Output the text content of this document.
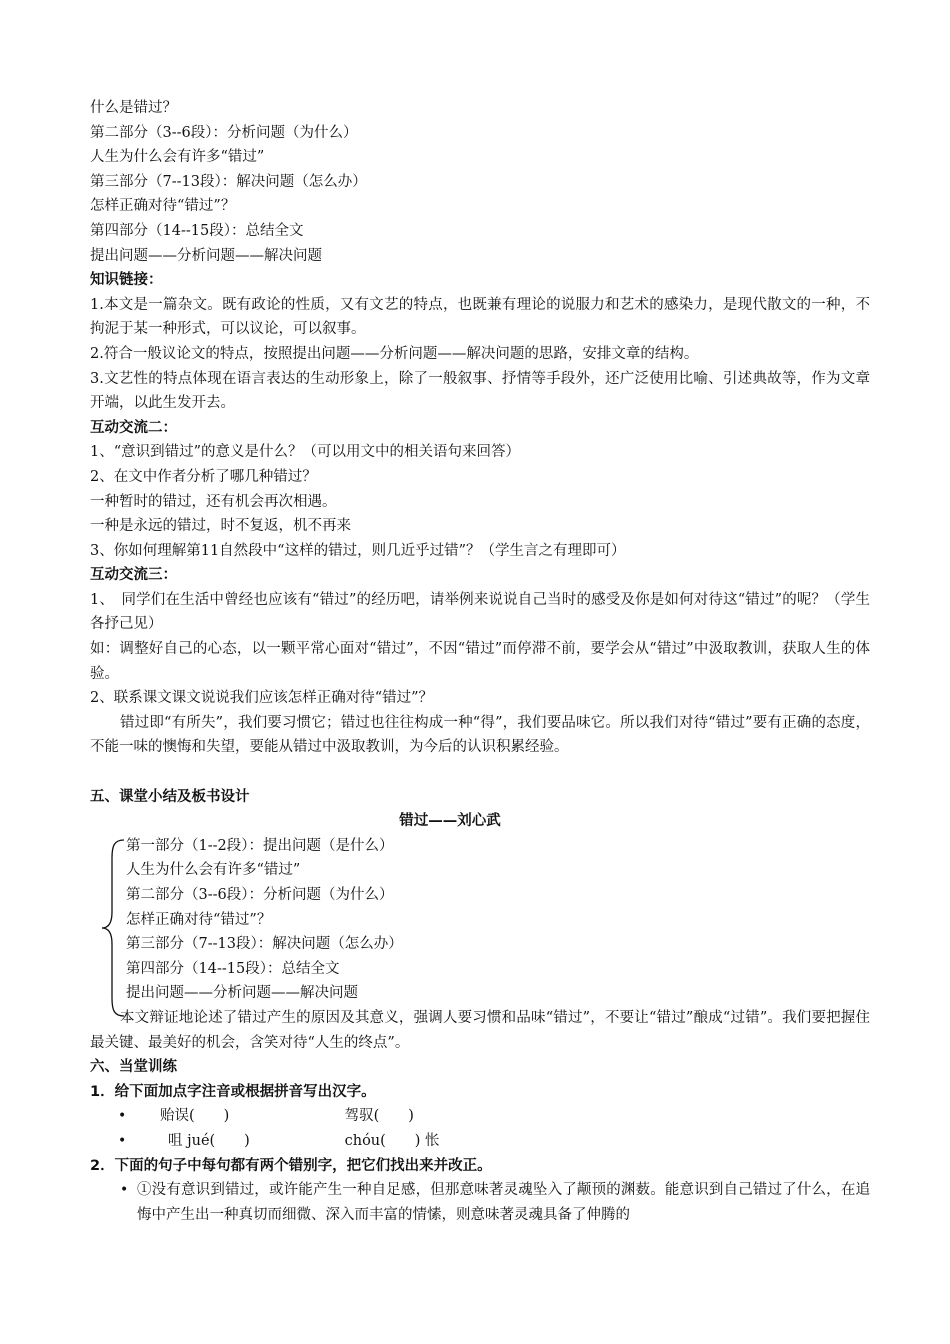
什么是错过？
第二部分（3--6段）：分析问题（为什么）
人生为什么会有许多“错过”
第三部分（7--13段）：解决问题（怎么办）
怎样正确对待“错过”？
第四部分（14--15段）：总结全文
提出问题——分析问题——解决问题
知识链接：
1.本文是一篇杂文。既有政论的性质，又有文艺的特点，也既兼有理论的说服力和艺术的感染力，是现代散文的一种，不拘泥于某一种形式，可以议论，可以叙事。
2.符合一般议论文的特点，按照提出问题——分析问题——解决问题的思路，安排文章的结构。
3.文艺性的特点体现在语言表达的生动形象上，除了一般叙事、抒情等手段外，还广泛使用比喻、引述典故等，作为文章开端，以此生发开去。
互动交流二：
1、“意识到错过”的意义是什么？（可以用文中的相关语句来回答）
2、在文中作者分析了哪几种错过？
一种暂时的错过，还有机会再次相遇。
一种是永远的错过，时不复返，机不再来
3、你如何理解第11自然段中“这样的错过，则几近乎过错”？（学生言之有理即可）
互动交流三：
1、　同学们在生活中曾经也应该有“错过”的经历吧，请举例来说说自己当时的感受及你是如何对待这“错过”的呢？（学生各抒己见）
如：调整好自己的心态，以一颗平常心面对“错过”，不因“错过”而停滞不前，要学会从“错过”中汲取教训，获取人生的体验。
2、联系课文课文说说我们应该怎样正确对待“错过”？
错过即“有所失”，我们要习惯它；错过也往往构成一种“得”，我们要品味它。所以我们对待“错过”要有正确的态度，不能一味的懊悔和失望，要能从错过中汲取教训，为今后的认识积累经验。
五、课堂小结及板书设计
错过——刘心武
第一部分（1--2段）：提出问题（是什么）
人生为什么会有许多“错过”
第二部分（3--6段）：分析问题（为什么）
怎样正确对待“错过”？
第三部分（7--13段）：解决问题（怎么办）
第四部分（14--15段）：总结全文
提出问题——分析问题——解决问题
本文辩证地论述了错过产生的原因及其意义，强调人要习惯和品味“错过”，不要让“错过”酿成“过错”。我们要把握住最关键、最美好的机会，含笑对待“人生的终点”。
六、当堂训练
1．给下面加点字注音或根据拼音写出汉字。
• 贻误(　　)	驾驭(　　)
•	咀 jué(　　)	chóu(　　) 怅
2．下面的句子中每句都有两个错别字，把它们找出来并改正。
• ①没有意识到错过，或许能产生一种自足感，但那意味著灵魂坠入了颟顸的渊薮。能意识到自己错过了什么，在追悔中产生出一种真切而细微、深入而丰富的情愫，则意味著灵魂具备了伸腾的
